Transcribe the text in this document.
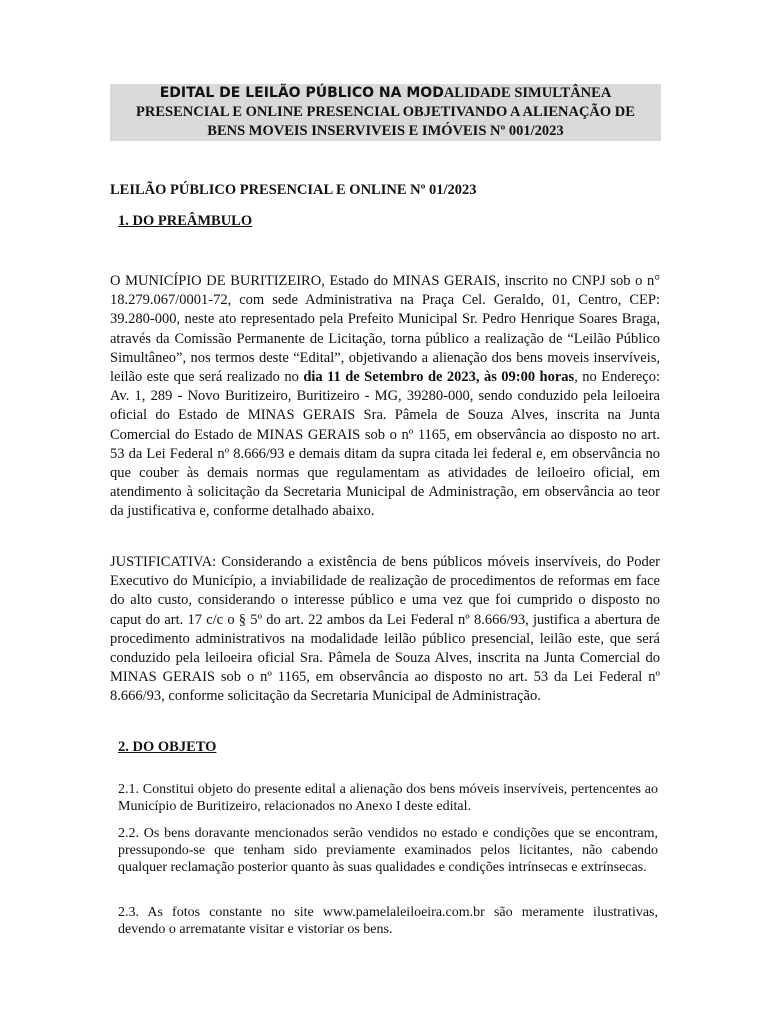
EDITAL DE LEILÃO PÚBLICO NA MODALIDADE SIMULTÂNEA
PRESENCIAL E ONLINE PRESENCIAL OBJETIVANDO A ALIENAÇÃO DE
BENS MOVEIS INSERVIVEIS E IMÓVEIS Nº 001/2023
LEILÃO PÚBLICO PRESENCIAL E ONLINE Nº 01/2023
1. DO PREÂMBULO

O MUNICÍPIO DE BURITIZEIRO, Estado do MINAS GERAIS, inscrito no CNPJ sob o n° 18.279.067/0001-72, com sede Administrativa na Praça Cel. Geraldo, 01, Centro, CEP: 39.280-000, neste ato representado pela Prefeito Municipal Sr. Pedro Henrique Soares Braga, através da Comissão Permanente de Licitação, torna público a realização de “Leilão Público Simultâneo”, nos termos deste “Edital”, objetivando a alienação dos bens moveis inservíveis, leilão este que será realizado no dia 11 de Setembro de 2023, às 09:00 horas, no Endereço: Av. 1, 289 - Novo Buritizeiro, Buritizeiro - MG, 39280-000, sendo conduzido pela leiloeira oficial do Estado de MINAS GERAIS Sra. Pâmela de Souza Alves, inscrita na Junta Comercial do Estado de MINAS GERAIS sob o nº 1165, em observância ao disposto no art. 53 da Lei Federal nº 8.666/93 e demais ditam da supra citada lei federal e, em observância no que couber às demais normas que regulamentam as atividades de leiloeiro oficial, em atendimento à solicitação da Secretaria Municipal de Administração, em observância ao teor da justificativa e, conforme detalhado abaixo.

JUSTIFICATIVA: Considerando a existência de bens públicos móveis inservíveis, do Poder Executivo do Município, a inviabilidade de realização de procedimentos de reformas em face do alto custo, considerando o interesse público e uma vez que foi cumprido o disposto no caput do art. 17 c/c o § 5º do art. 22 ambos da Lei Federal nº 8.666/93, justifica a abertura de procedimento administrativos na modalidade leilão público presencial, leilão este, que será conduzido pela leiloeira oficial Sra. Pâmela de Souza Alves, inscrita na Junta Comercial do MINAS GERAIS sob o nº 1165, em observância ao disposto no art. 53 da Lei Federal nº 8.666/93, conforme solicitação da Secretaria Municipal de Administração.

2. DO OBJETO

2.1. Constitui objeto do presente edital a alienação dos bens móveis inservíveis, pertencentes ao Município de Buritizeiro, relacionados no Anexo I deste edital.

2.2. Os bens doravante mencionados serão vendidos no estado e condições que se encontram, pressupondo-se que tenham sido previamente examinados pelos licitantes, não cabendo qualquer reclamação posterior quanto às suas qualidades e condições intrínsecas e extrínsecas.

2.3. As fotos constante no site www.pamelaleiloeira.com.br são meramente ilustrativas, devendo o arrematante visitar e vistoriar os bens.
